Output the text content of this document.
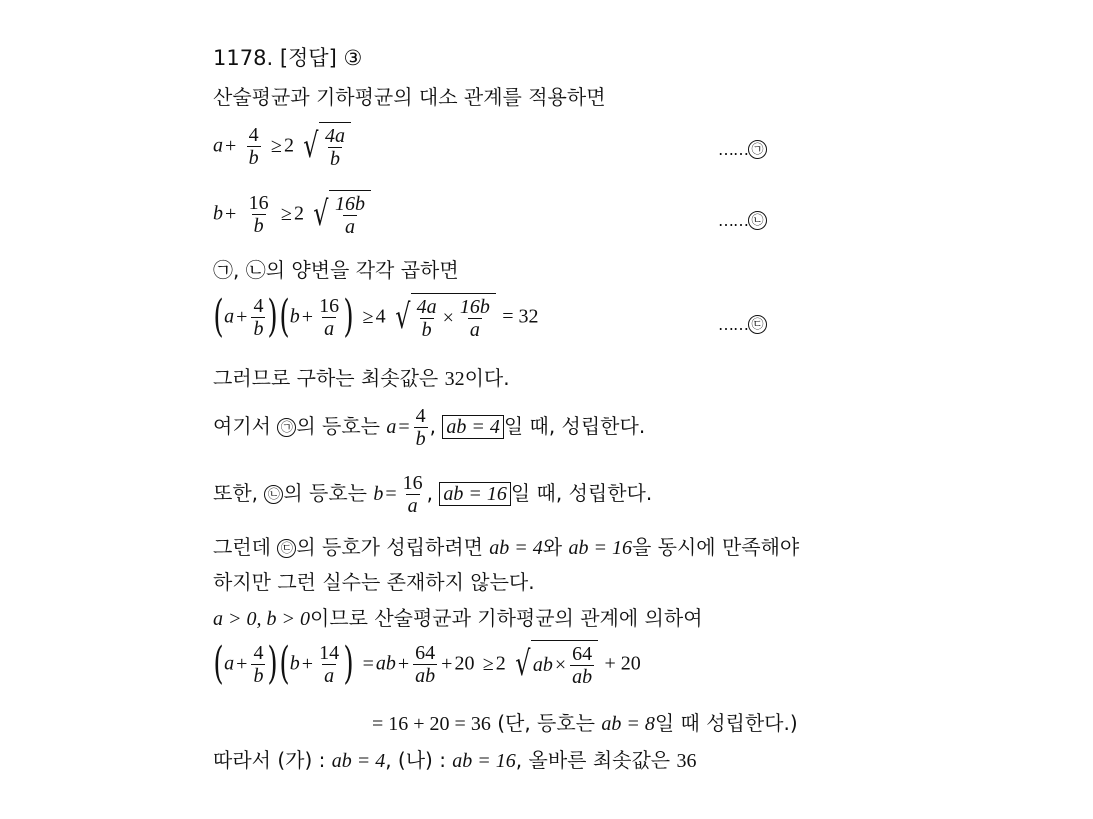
1178. [정답] ③
산술평균과 기하평균의 대소 관계를 적용하면
$a + \frac{4}{b} \ge 2$ √ $\frac{4a}{b}$	…… ㉠
$b + \frac{16}{b} \ge 2$ √ $\frac{16b}{a}$	…… ㉡
㉠, ㉡의 양변을 각각 곱하면
$(a + \frac{4}{b} )(b + \frac{16}{a}$ ) ≥ 4 √ $\frac{4a}{b} \times \frac{16b}{a} = 32$	…… ㉢
그러므로 구하는 최솟값은 32이다.
여기서 ㉠ 의 등호는 $a = \frac{4}{b}$ , ab = 4 일 때, 성립한다.
또한, ㉡ 의 등호는 $b = \frac{16}{a}$ , ab = 16 일 때, 성립한다.
그런데 ㉢ 의 등호가 성립하려면 ab = 4와 ab = 16을 동시에 만족해야
하지만 그런 실수는 존재하지 않는다.
a > 0, b > 0이므로 산술평균과 기하평균의 관계에 의하여
$(a + \frac{4}{b} )(b + \frac{14}{a}$ ) = ab + $\frac{64}{ab} + 20 \ge 2$ √ ab × $\frac{64}{ab} + 20$
= 16 + 20 = 36 (단, 등호는 ab = 8일 때 성립한다.)
따라서 (가) : ab = 4, (나) : ab = 16, 올바른 최솟값은 36
